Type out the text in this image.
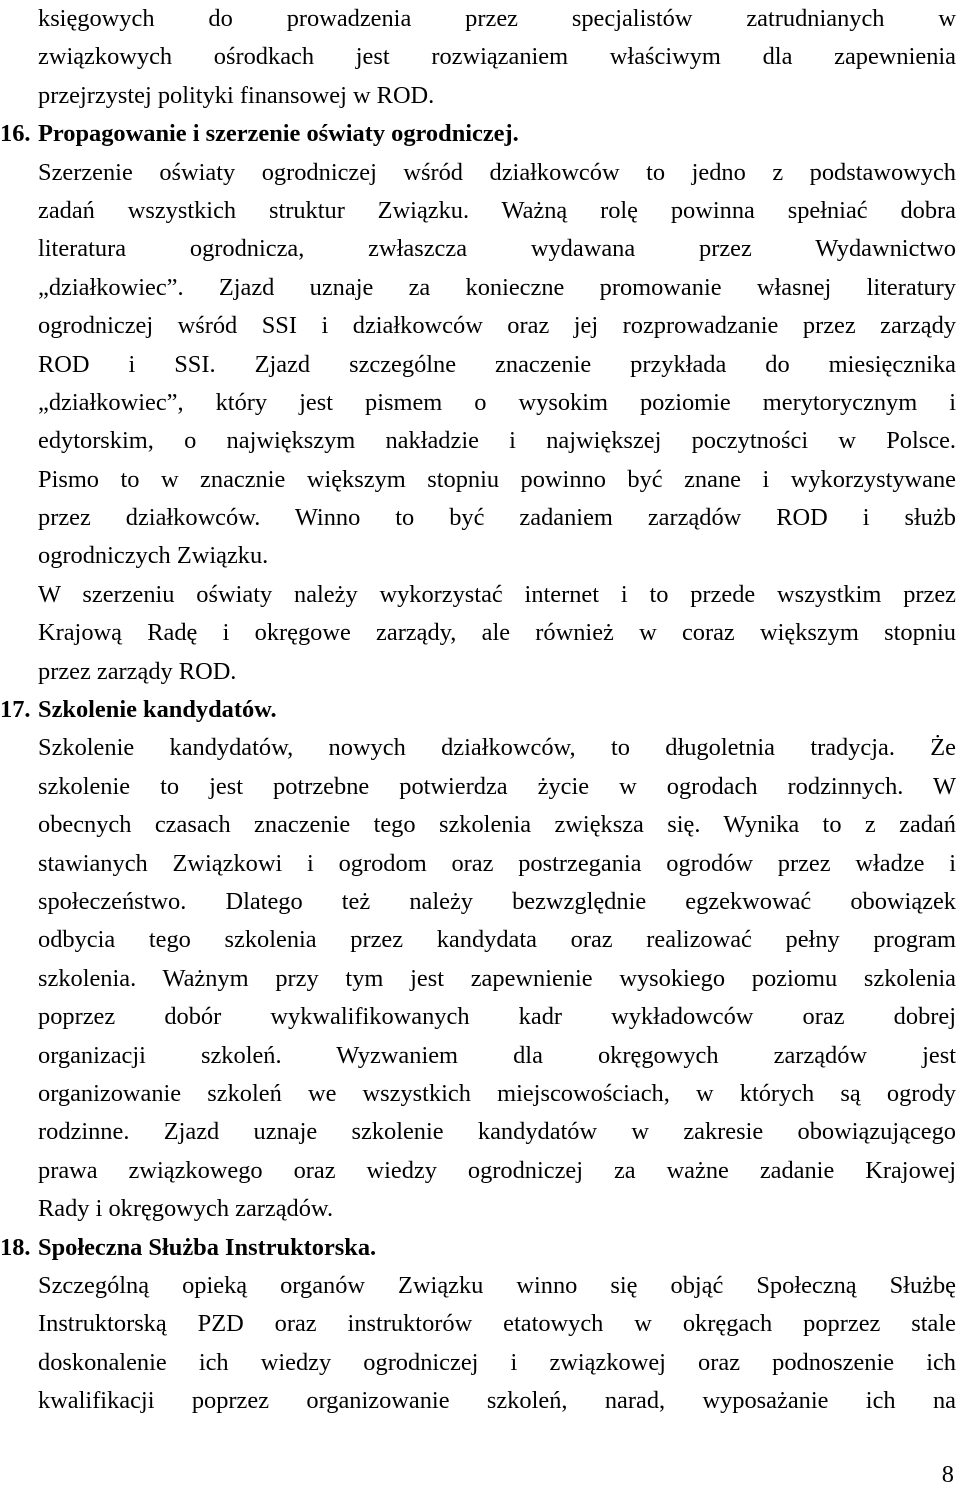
księgowych do prowadzenia przez specjalistów zatrudnianych w
związkowych ośrodkach jest rozwiązaniem właściwym dla zapewnienia
przejrzystej polityki finansowej w ROD.
16. Propagowanie i szerzenie oświaty ogrodniczej.
Szerzenie oświaty ogrodniczej wśród działkowców to jedno z podstawowych
zadań wszystkich struktur Związku. Ważną rolę powinna spełniać dobra
literatura ogrodnicza, zwłaszcza wydawana przez Wydawnictwo
„działkowiec”. Zjazd uznaje za konieczne promowanie własnej literatury
ogrodniczej wśród SSI i działkowców oraz jej rozprowadzanie przez zarządy
ROD i SSI. Zjazd szczególne znaczenie przykłada do miesięcznika
„działkowiec”, który jest pismem o wysokim poziomie merytorycznym i
edytorskim, o największym nakładzie i największej poczytności w Polsce.
Pismo to w znacznie większym stopniu powinno być znane i wykorzystywane
przez działkowców. Winno to być zadaniem zarządów ROD i służb
ogrodniczych Związku.
W szerzeniu oświaty należy wykorzystać internet i to przede wszystkim przez
Krajową Radę i okręgowe zarządy, ale również w coraz większym stopniu
przez zarządy ROD.
17. Szkolenie kandydatów.
Szkolenie kandydatów, nowych działkowców, to długoletnia tradycja. Że
szkolenie to jest potrzebne potwierdza życie w ogrodach rodzinnych. W
obecnych czasach znaczenie tego szkolenia zwiększa się. Wynika to z zadań
stawianych Związkowi i ogrodom oraz postrzegania ogrodów przez władze i
społeczeństwo. Dlatego też należy bezwzględnie egzekwować obowiązek
odbycia tego szkolenia przez kandydata oraz realizować pełny program
szkolenia. Ważnym przy tym jest zapewnienie wysokiego poziomu szkolenia
poprzez dobór wykwalifikowanych kadr wykładowców oraz dobrej
organizacji szkoleń. Wyzwaniem dla okręgowych zarządów jest
organizowanie szkoleń we wszystkich miejscowościach, w których są ogrody
rodzinne. Zjazd uznaje szkolenie kandydatów w zakresie obowiązującego
prawa związkowego oraz wiedzy ogrodniczej za ważne zadanie Krajowej
Rady i okręgowych zarządów.
18. Społeczna Służba Instruktorska.
Szczególną opieką organów Związku winno się objąć Społeczną Służbę
Instruktorską PZD oraz instruktorów etatowych w okręgach poprzez stale
doskonalenie ich wiedzy ogrodniczej i związkowej oraz podnoszenie ich
kwalifikacji poprzez organizowanie szkoleń, narad, wyposażanie ich na
8
